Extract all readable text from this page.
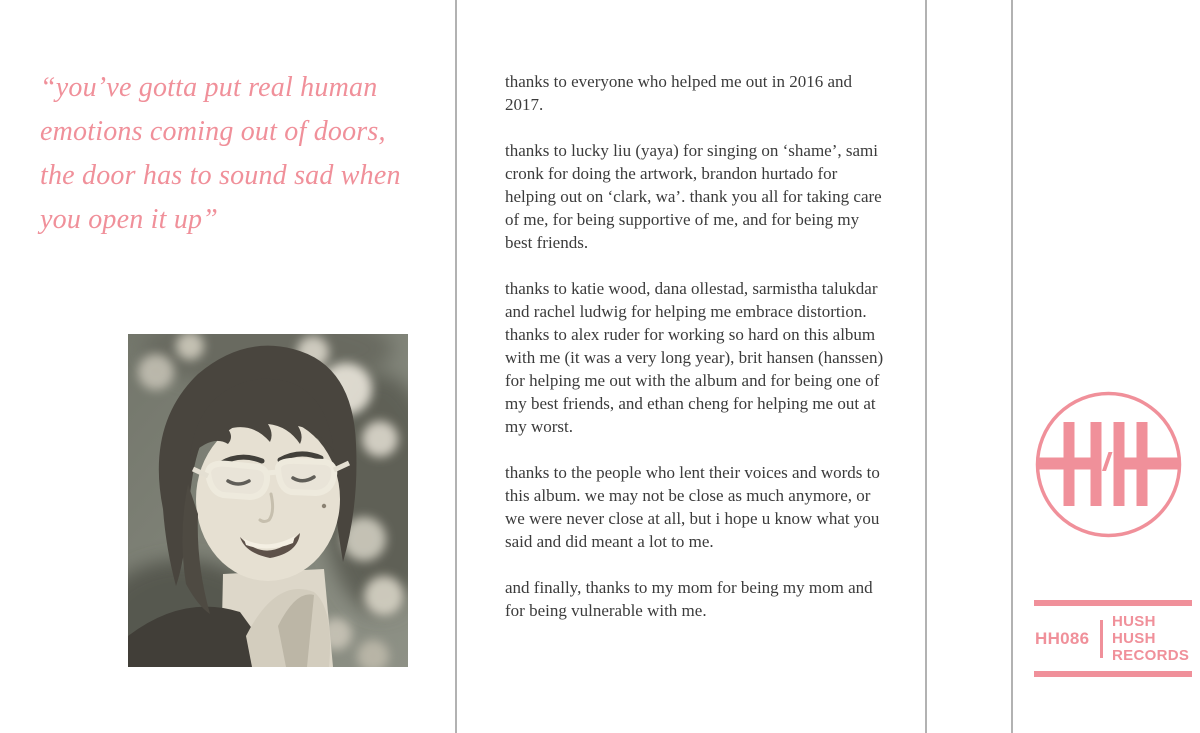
“you’ve gotta put real human
emotions coming out of doors,
the door has to sound sad when
you open it up”

thanks to everyone who helped me out in 2016 and 2017.

thanks to lucky liu (yaya) for singing on ‘shame’, sami cronk for doing the artwork, brandon hurtado for helping out on ‘clark, wa’. thank you all for taking care of me, for being supportive of me, and for being my best friends.

thanks to katie wood, dana ollestad, sarmistha talukdar and rachel ludwig for helping me embrace distortion. thanks to alex ruder for working so hard on this album with me (it was a very long year), brit hansen (hanssen) for helping me out with the album and for being one of my best friends, and ethan cheng for helping me out at my worst.

thanks to the people who lent their voices and words to this album. we may not be close as much anymore, or we were never close at all, but i hope u know what you said and did meant a lot to me.

and finally, thanks to my mom for being my mom and for being vulnerable with me.

HH086
HUSH HUSH
RECORDS
